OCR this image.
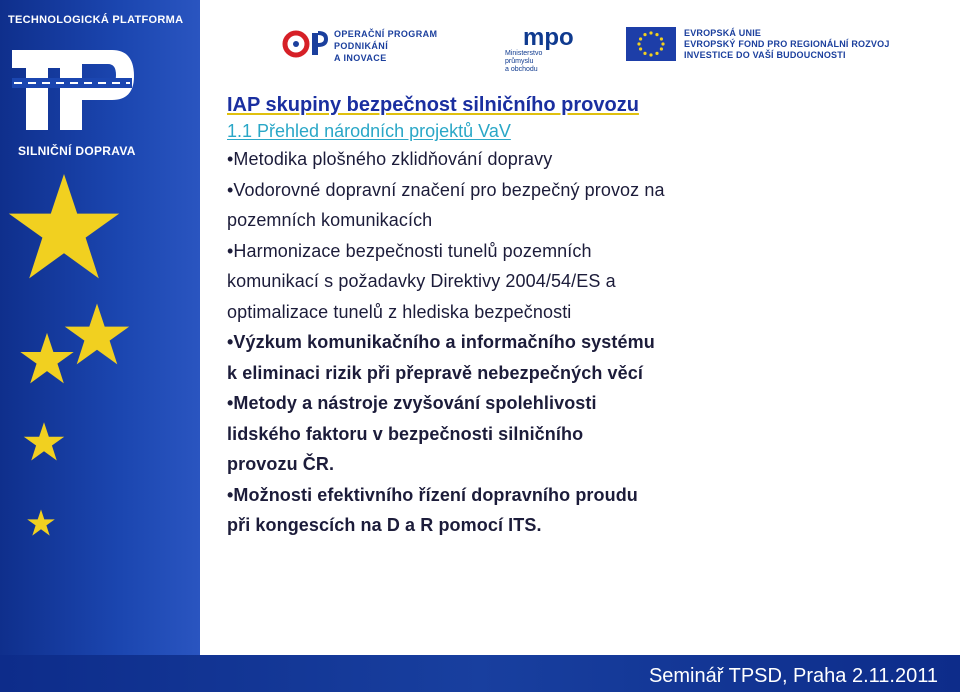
TECHNOLOGICKÁ PLATFORMA
SILNIČNÍ DOPRAVA
OPERAČNÍ PROGRAM
PODNIKÁNÍ
A INOVACE
mpo
Ministerstvo
průmyslu
a obchodu
EVROPSKÁ UNIE
EVROPSKÝ FOND PRO REGIONÁLNÍ ROZVOJ
INVESTICE DO VAŠÍ BUDOUCNOSTI
IAP skupiny bezpečnost silničního provozu
1.1 Přehled národních projektů VaV
•Metodika plošného zklidňování dopravy
•Vodorovné dopravní značení pro bezpečný provoz na
pozemních komunikacích
•Harmonizace bezpečnosti tunelů pozemních
komunikací s požadavky Direktivy 2004/54/ES a
optimalizace tunelů z hlediska bezpečnosti
•Výzkum komunikačního a informačního systému
k eliminaci rizik při přepravě nebezpečných věcí
•Metody a nástroje zvyšování spolehlivosti
lidského faktoru v bezpečnosti silničního
provozu ČR.
•Možnosti efektivního řízení dopravního proudu
při kongescích na D a R pomocí ITS.
Seminář TPSD, Praha 2.11.2011
